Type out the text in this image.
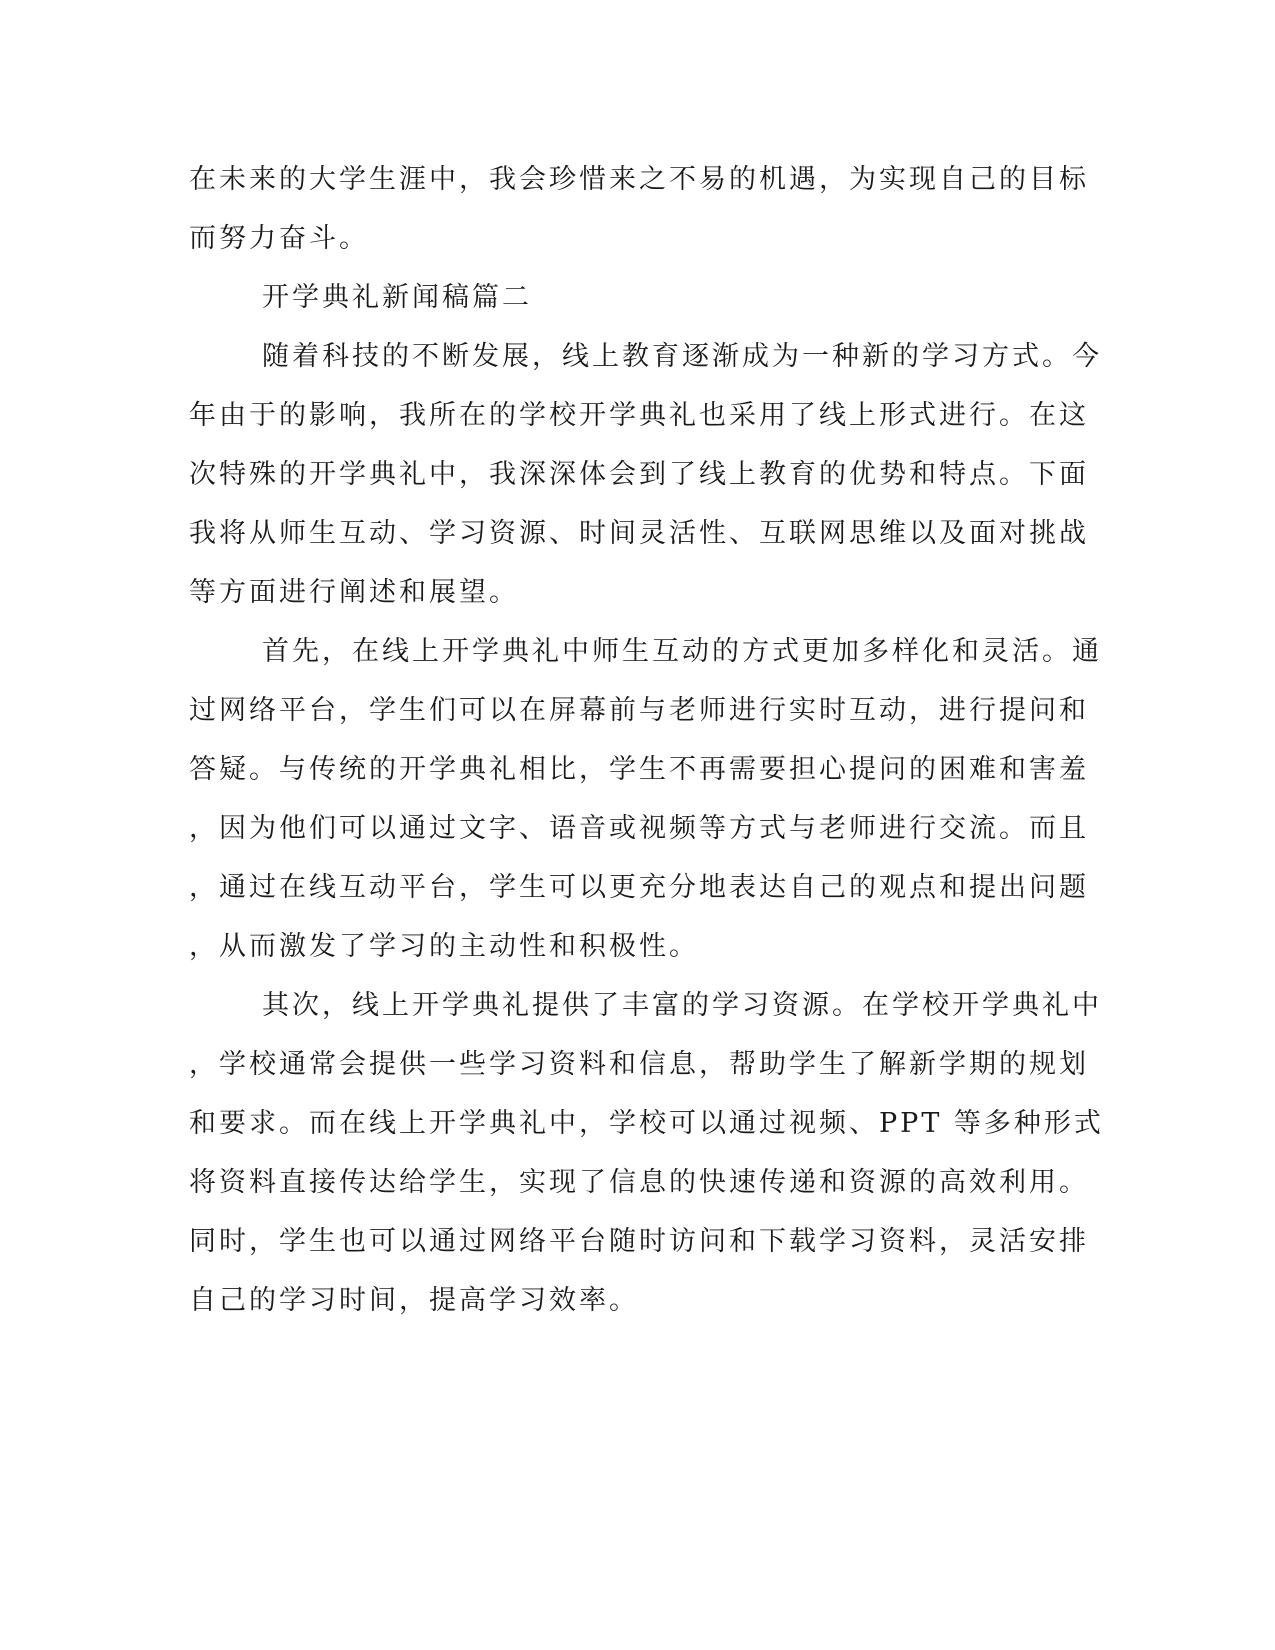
在未来的大学生涯中，我会珍惜来之不易的机遇，为实现自己的目标

而努力奋斗。

开学典礼新闻稿篇二

随着科技的不断发展，线上教育逐渐成为一种新的学习方式。今

年由于的影响，我所在的学校开学典礼也采用了线上形式进行。在这

次特殊的开学典礼中，我深深体会到了线上教育的优势和特点。下面

我将从师生互动、学习资源、时间灵活性、互联网思维以及面对挑战

等方面进行阐述和展望。

首先，在线上开学典礼中师生互动的方式更加多样化和灵活。通

过网络平台，学生们可以在屏幕前与老师进行实时互动，进行提问和

答疑。与传统的开学典礼相比，学生不再需要担心提问的困难和害羞

，因为他们可以通过文字、语音或视频等方式与老师进行交流。而且

，通过在线互动平台，学生可以更充分地表达自己的观点和提出问题

，从而激发了学习的主动性和积极性。

其次，线上开学典礼提供了丰富的学习资源。在学校开学典礼中

，学校通常会提供一些学习资料和信息，帮助学生了解新学期的规划

和要求。而在线上开学典礼中，学校可以通过视频、PPT 等多种形式

将资料直接传达给学生，实现了信息的快速传递和资源的高效利用。

同时，学生也可以通过网络平台随时访问和下载学习资料，灵活安排

自己的学习时间，提高学习效率。
